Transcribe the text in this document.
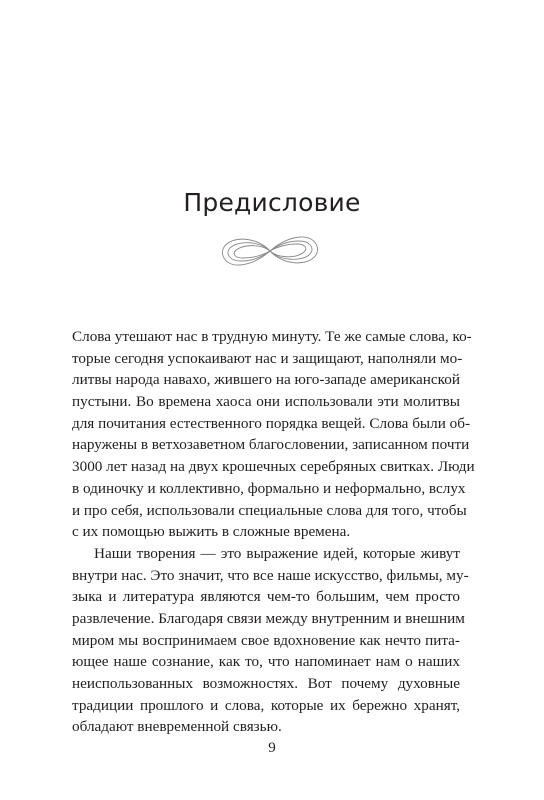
Предисловие
Слова утешают нас в трудную минуту. Те же самые слова, ко-
торые сегодня успокаивают нас и защищают, наполняли мо-
литвы народа навахо, жившего на юго-западе американской
пустыни. Во времена хаоса они использовали эти молитвы
для почитания естественного порядка вещей. Слова были об-
наружены в ветхозаветном благословении, записанном почти
3000 лет назад на двух крошечных серебряных свитках. Люди
в одиночку и коллективно, формально и неформально, вслух
и про себя, использовали специальные слова для того, чтобы
с их помощью выжить в сложные времена.
Наши творения — это выражение идей, которые живут
внутри нас. Это значит, что все наше искусство, фильмы, му-
зыка и литература являются чем-то большим, чем просто
развлечение. Благодаря связи между внутренним и внешним
миром мы воспринимаем свое вдохновение как нечто пита-
ющее наше сознание, как то, что напоминает нам о наших
неиспользованных возможностях. Вот почему духовные
традиции прошлого и слова, которые их бережно хранят,
обладают вневременной связью.
9
